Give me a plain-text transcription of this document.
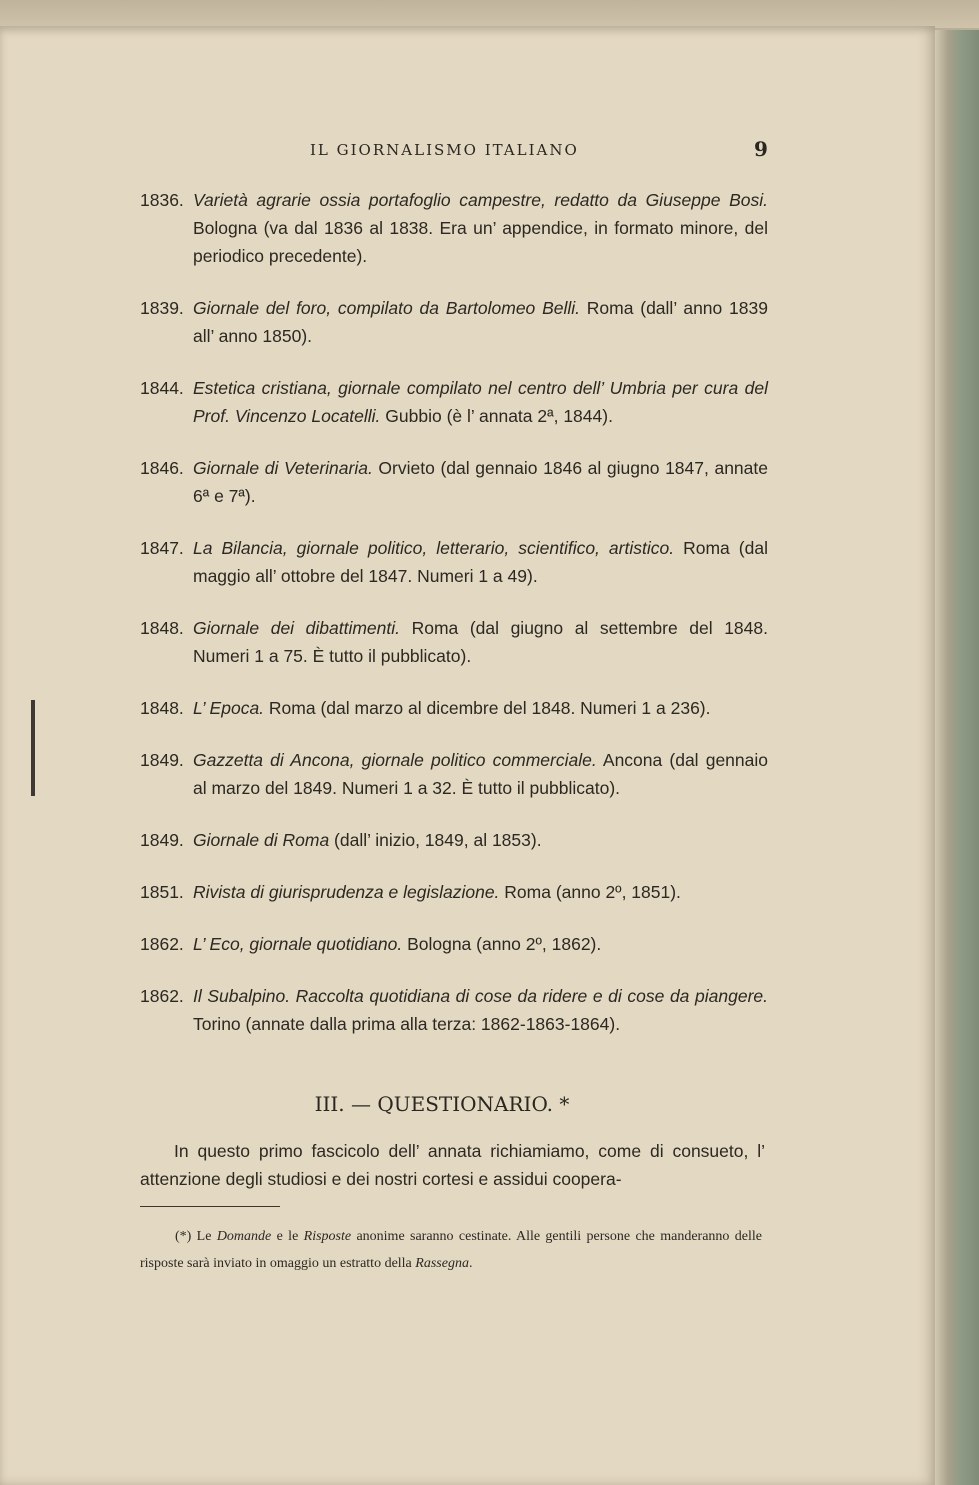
IL GIORNALISMO ITALIANO	9
1836. Varietà agrarie ossia portafoglio campestre, redatto da Giuseppe Bosi. Bologna (va dal 1836 al 1838. Era un’ appendice, in formato minore, del periodico precedente).
1839. Giornale del foro, compilato da Bartolomeo Belli. Roma (dall’ anno 1839 all’ anno 1850).
1844. Estetica cristiana, giornale compilato nel centro dell’ Umbria per cura del Prof. Vincenzo Locatelli. Gubbio (è l’ annata 2ª, 1844).
1846. Giornale di Veterinaria. Orvieto (dal gennaio 1846 al giugno 1847, annate 6ª e 7ª).
1847. La Bilancia, giornale politico, letterario, scientifico, artistico. Roma (dal maggio all’ ottobre del 1847. Numeri 1 a 49).
1848. Giornale dei dibattimenti. Roma (dal giugno al settembre del 1848. Numeri 1 a 75. È tutto il pubblicato).
1848. L’ Epoca. Roma (dal marzo al dicembre del 1848. Numeri 1 a 236).
1849. Gazzetta di Ancona, giornale politico commerciale. Ancona (dal gennaio al marzo del 1849. Numeri 1 a 32. È tutto il pubblicato).
1849. Giornale di Roma (dall’ inizio, 1849, al 1853).
1851. Rivista di giurisprudenza e legislazione. Roma (anno 2º, 1851).
1862. L’ Eco, giornale quotidiano. Bologna (anno 2º, 1862).
1862. Il Subalpino. Raccolta quotidiana di cose da ridere e di cose da piangere. Torino (annate dalla prima alla terza: 1862-1863-1864).
III. — QUESTIONARIO. *

In questo primo fascicolo dell’ annata richiamiamo, come di consueto, l’ attenzione degli studiosi e dei nostri cortesi e assidui coopera-

(*) Le Domande e le Risposte anonime saranno cestinate. Alle gentili persone che manderanno delle risposte sarà inviato in omaggio un estratto della Rassegna.
